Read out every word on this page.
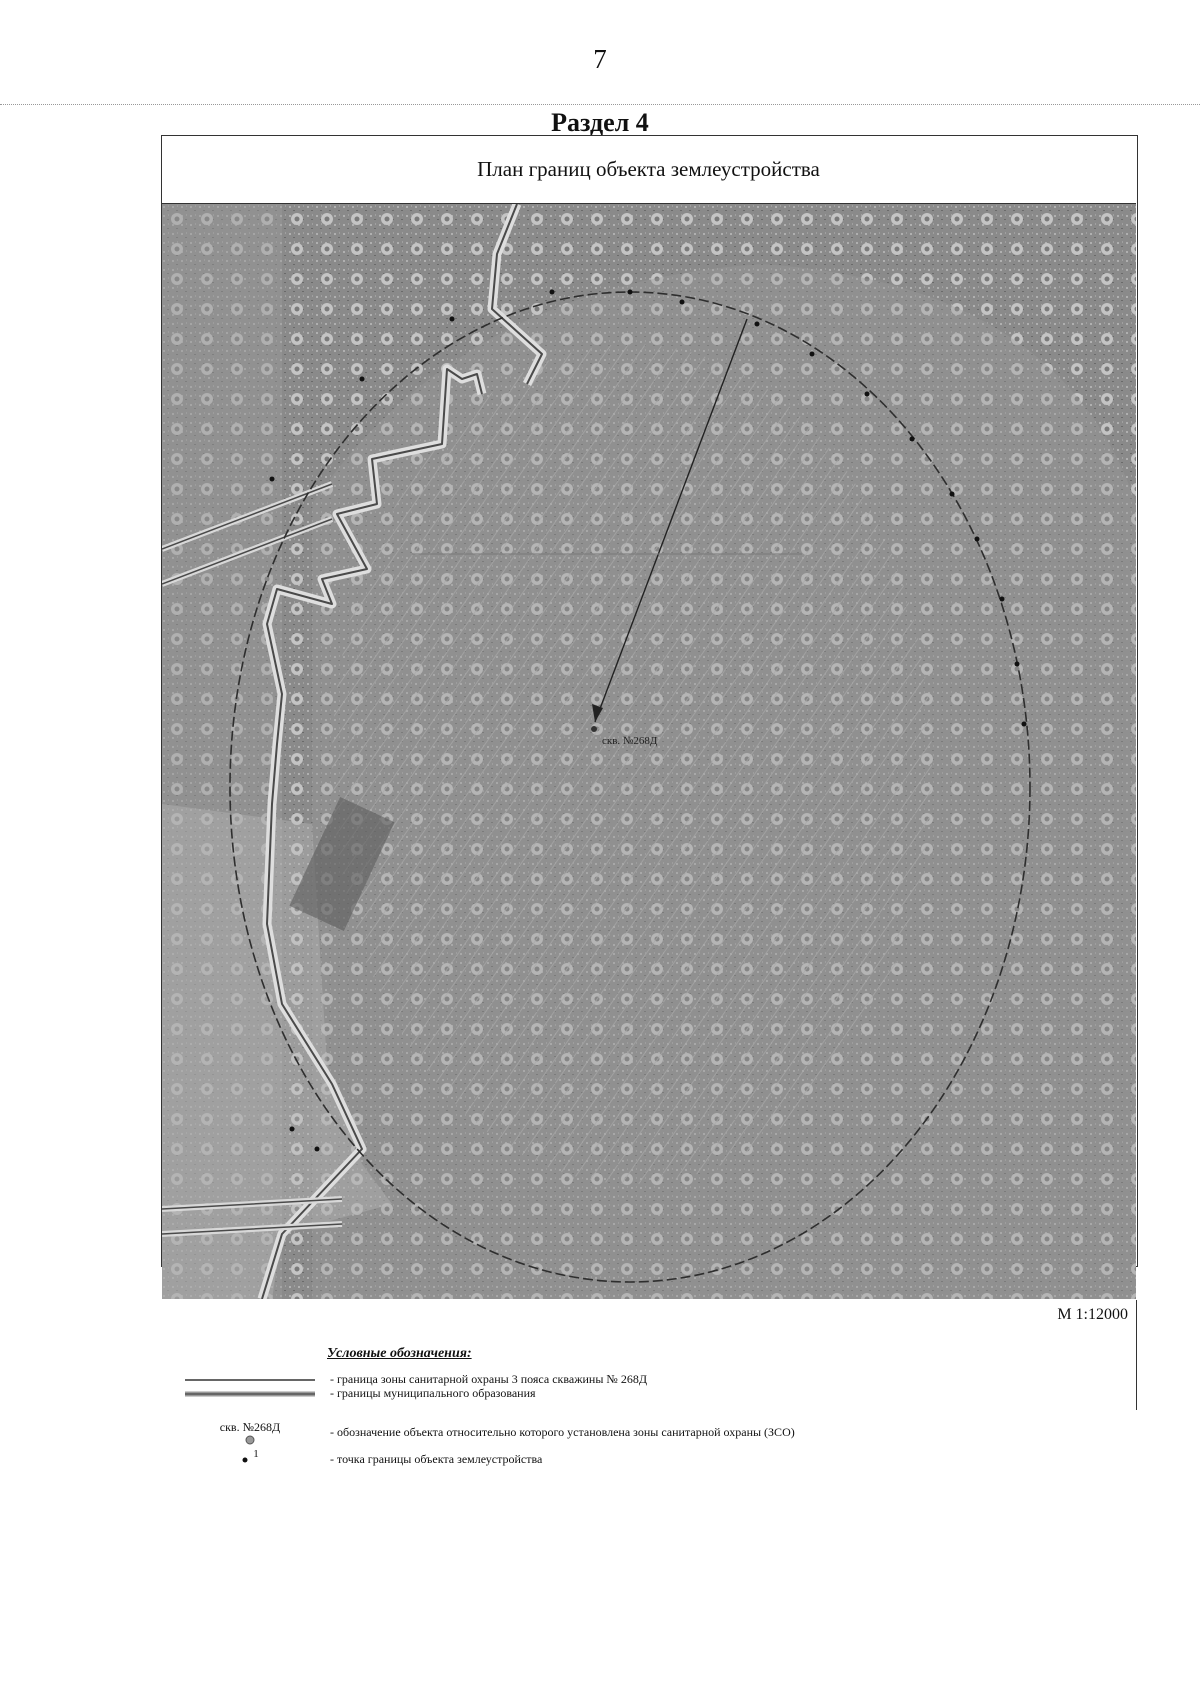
7
Раздел 4
План границ объекта землеустройства
скв. №268Д
М 1:12000
Условные обозначения:
- граница зоны санитарной охраны 3 пояса скважины № 268Д
- границы муниципального образования
скв. №268Д	- обозначение объекта относительно которого установлена зоны санитарной охраны (ЗСО)
1	- точка границы объекта землеустройства
